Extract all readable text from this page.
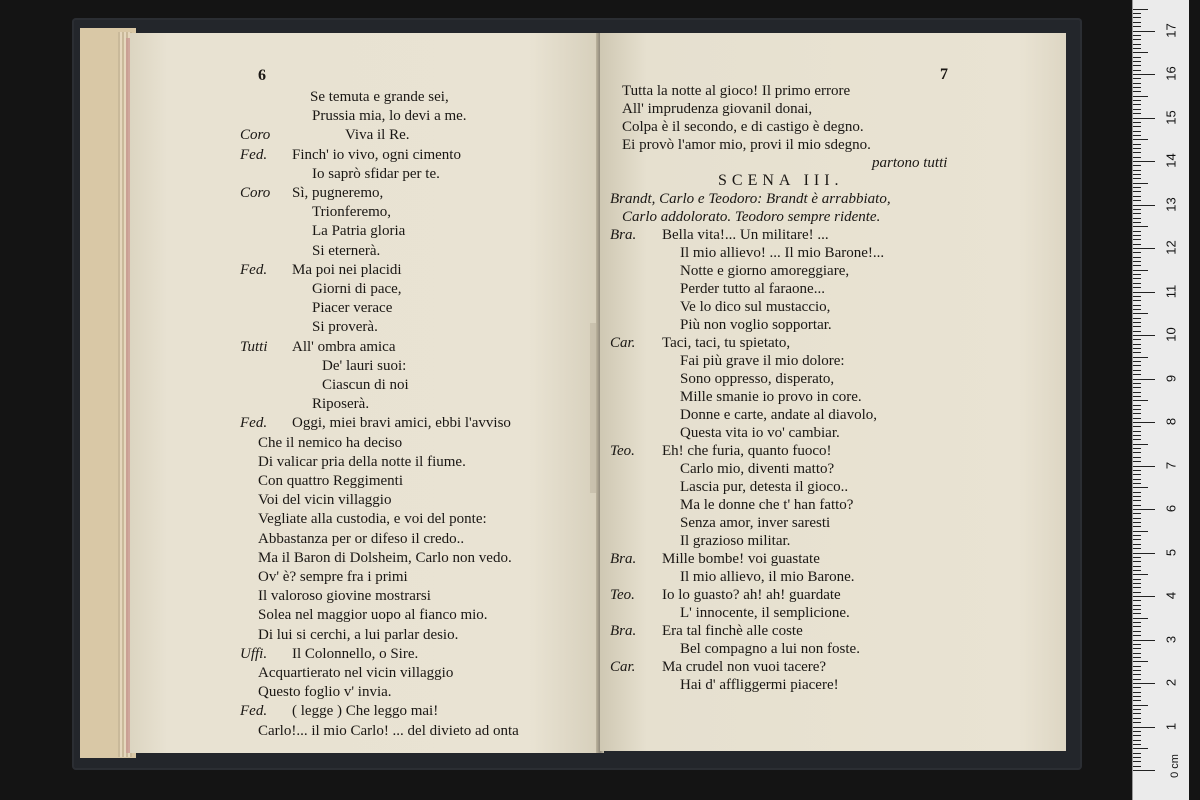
6
Se temuta e grande sei,
Prussia mia, lo devi a me.
Coro	Viva il Re.
Fed. Finch' io vivo, ogni cimento
Io saprò sfidar per te.
Coro Sì, pugneremo,
Trionferemo,
La Patria gloria
Si eternerà.
Fed. Ma poi nei placidi
Giorni di pace,
Piacer verace
Si proverà.
Tutti All' ombra amica
De' lauri suoi:
Ciascun di noi
Riposerà.
Fed. Oggi, miei bravi amici, ebbi l'avviso
Che il nemico ha deciso
Di valicar pria della notte il fiume.
Con quattro Reggimenti
Voi del vicin villaggio
Vegliate alla custodia, e voi del ponte:
Abbastanza per or difeso il credo..
Ma il Baron di Dolsheim, Carlo non vedo.
Ov' è? sempre fra i primi
Il valoroso giovine mostrarsi
Solea nel maggior uopo al fianco mio.
Di lui si cerchi, a lui parlar desio.
Uffi. Il Colonnello, o Sire.
Acquartierato nel vicin villaggio
Questo foglio v' invia.
Fed. ( legge ) Che leggo mai!
Carlo!... il mio Carlo! ... del divieto ad onta
7
Tutta la notte al gioco! Il primo errore
All' imprudenza giovanil donai,
Colpa è il secondo, e di castigo è degno.
Ei provò l'amor mio, provi il mio sdegno.
partono tutti
SCENA III.
Brandt, Carlo e Teodoro: Brandt è arrabbiato,
Carlo addolorato. Teodoro sempre ridente.
Bra. Bella vita!... Un militare! ...
Il mio allievo! ... Il mio Barone!...
Notte e giorno amoreggiare,
Perder tutto al faraone...
Ve lo dico sul mustaccio,
Più non voglio sopportar.
Car. Taci, taci, tu spietato,
Fai più grave il mio dolore:
Sono oppresso, disperato,
Mille smanie io provo in core.
Donne e carte, andate al diavolo,
Questa vita io vo' cambiar.
Teo. Eh! che furia, quanto fuoco!
Carlo mio, diventi matto?
Lascia pur, detesta il gioco..
Ma le donne che t' han fatto?
Senza amor, inver saresti
Il grazioso militar.
Bra. Mille bombe! voi guastate
Il mio allievo, il mio Barone.
Teo. Io lo guasto? ah! ah! guardate
L' innocente, il semplicione.
Bra. Era tal finchè alle coste
Bel compagno a lui non foste.
Car. Ma crudel non vuoi tacere?
Hai d' affliggermi piacere!
1
2
3
4
5
6
7
8
9
10
11
12
13
14
15
16
17
0 cm
